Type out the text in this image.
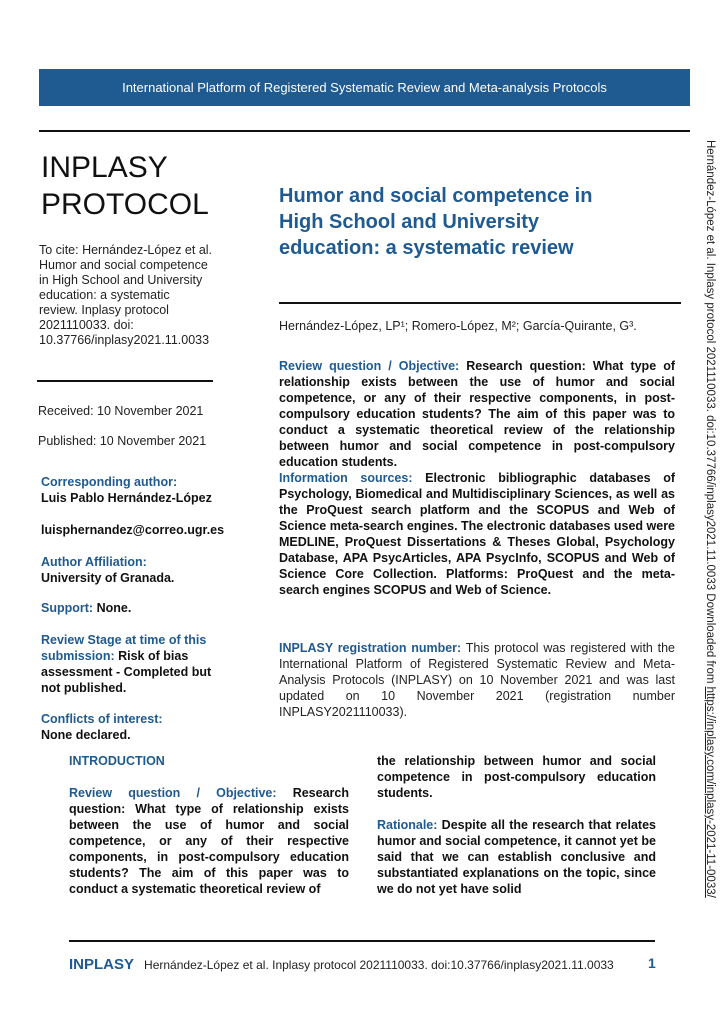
International Platform of Registered Systematic Review and Meta-analysis Protocols
INPLASY
PROTOCOL
To cite: Hernández-López et al.
Humor and social competence
in High School and University
education: a systematic
review. Inplasy protocol
2021110033. doi:
10.37766/inplasy2021.11.0033
Received: 10 November 2021
Published: 10 November 2021
Corresponding author:
Luis Pablo Hernández-López
luisphernandez@correo.ugr.es
Author Affiliation:
University of Granada.
Support: None.
Review Stage at time of this
submission: Risk of bias
assessment - Completed but
not published.
Conflicts of interest:
None declared.
Humor and social competence in
High School and University
education: a systematic review
Hernández-López, LP¹; Romero-López, M²; García-Quirante, G³.
Review question / Objective: Research question: What type of relationship exists between the use of humor and social competence, or any of their respective components, in post-compulsory education students? The aim of this paper was to conduct a systematic theoretical review of the relationship between humor and social competence in post-compulsory education students.
Information sources: Electronic bibliographic databases of Psychology, Biomedical and Multidisciplinary Sciences, as well as the ProQuest search platform and the SCOPUS and Web of Science meta-search engines. The electronic databases used were MEDLINE, ProQuest Dissertations & Theses Global, Psychology Database, APA PsycArticles, APA PsycInfo, SCOPUS and Web of Science Core Collection. Platforms: ProQuest and the meta-search engines SCOPUS and Web of Science.
INPLASY registration number: This protocol was registered with the International Platform of Registered Systematic Review and Meta-Analysis Protocols (INPLASY) on 10 November 2021 and was last updated on 10 November 2021 (registration number INPLASY2021110033).
INTRODUCTION
Review question / Objective: Research question: What type of relationship exists between the use of humor and social competence, or any of their respective components, in post-compulsory education students? The aim of this paper was to conduct a systematic theoretical review of
the relationship between humor and social competence in post-compulsory education students.
Rationale: Despite all the research that relates humor and social competence, it cannot yet be said that we can establish conclusive and substantiated explanations on the topic, since we do not yet have solid
Hernández-López et al. Inplasy protocol 2021110033. doi:10.37766/inplasy2021.11.0033 Downloaded from https://inplasy.com/inplasy-2021-11-0033/
INPLASY Hernández-López et al. Inplasy protocol 2021110033. doi:10.37766/inplasy2021.11.0033 1
